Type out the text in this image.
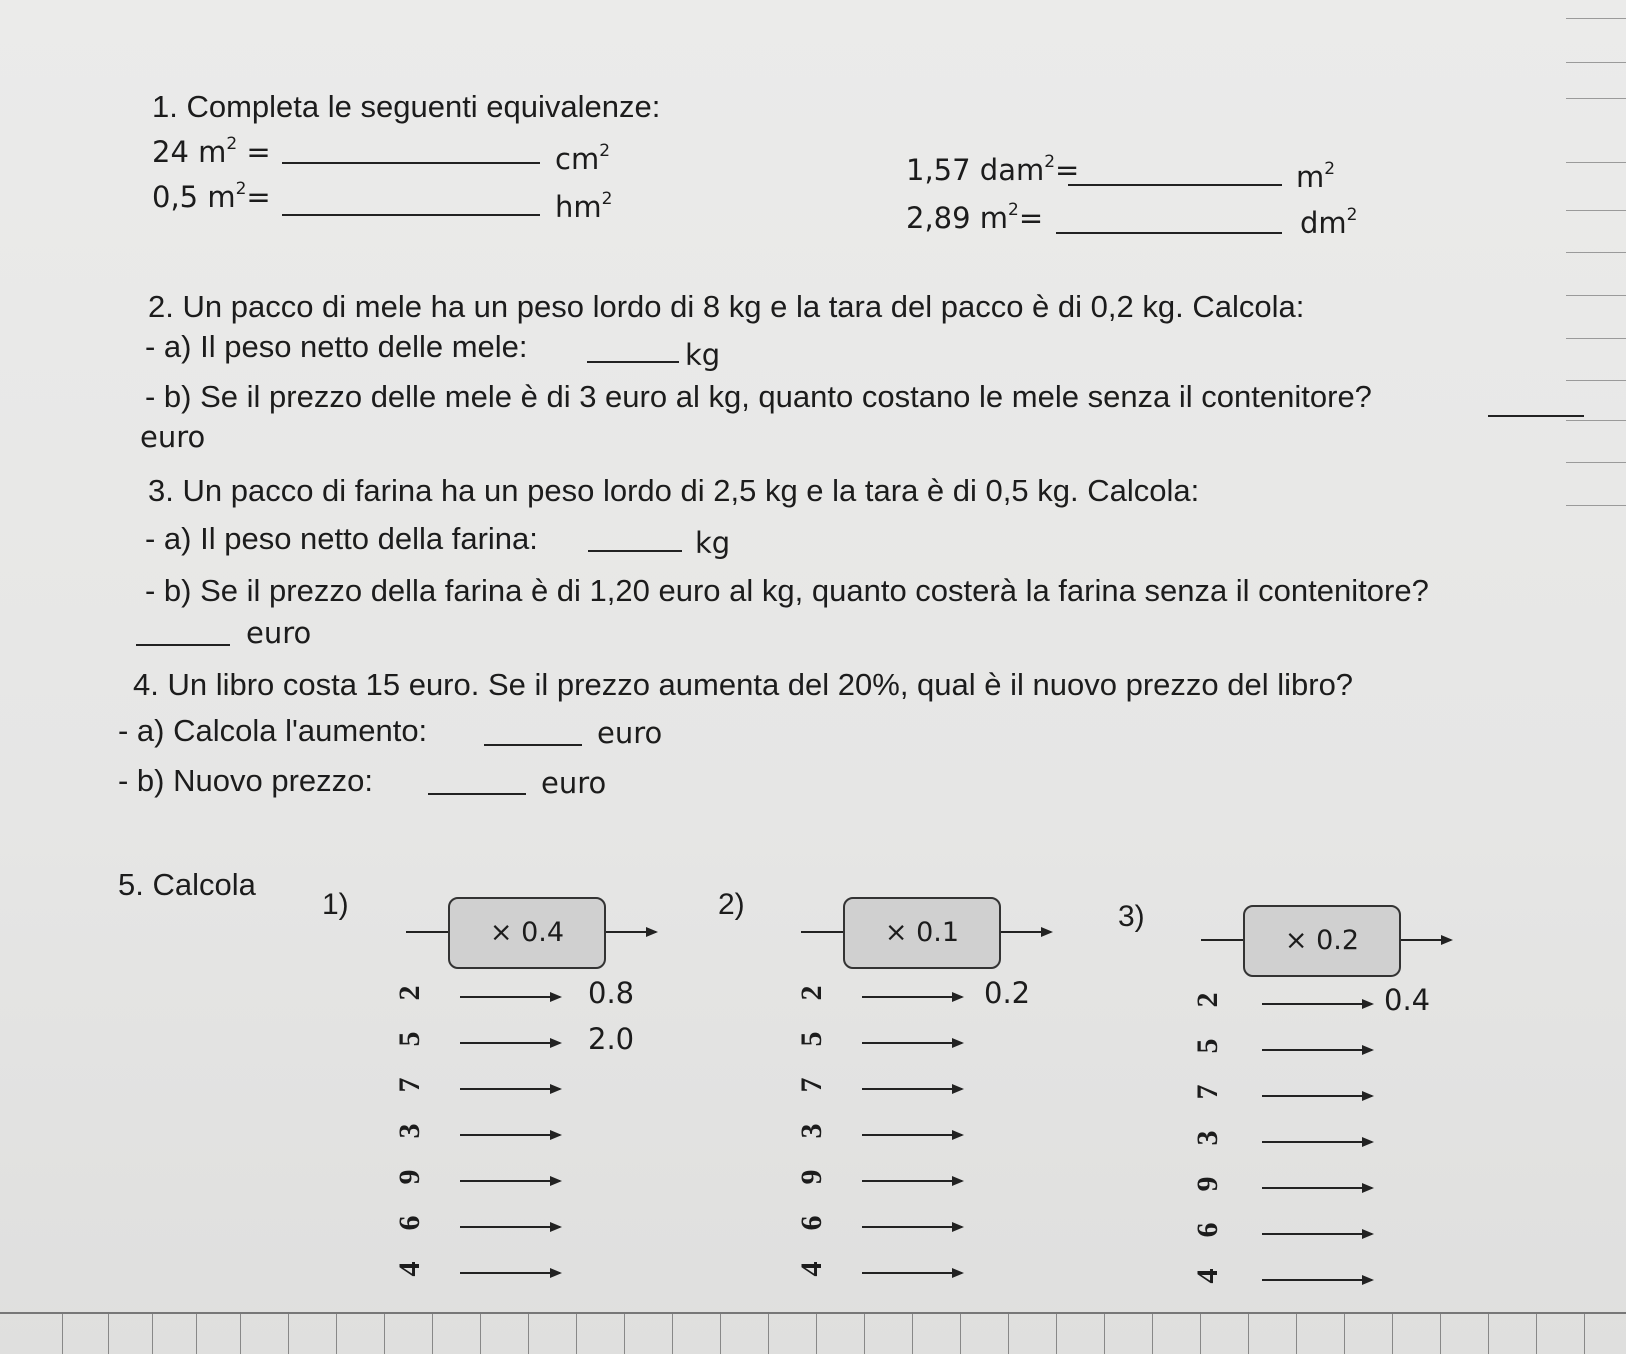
1. Completa le seguenti equivalenze:
24 $m^2$ =	$cm^2$
0,5 $m^2=$	$hm^2$
1,57 dam$^2$=	$m^2$
2,89 $m^2=$	$dm^2$
2. Un pacco di mele ha un peso lordo di 8 kg e la tara del pacco è di 0,2 kg. Calcola:
- a) Il peso netto delle mele:	kg
- b) Se il prezzo delle mele è di 3 euro al kg, quanto costano le mele senza il contenitore?
euro
3. Un pacco di farina ha un peso lordo di 2,5 kg e la tara è di 0,5 kg. Calcola:
- a) Il peso netto della farina:	kg
- b) Se il prezzo della farina è di 1,20 euro al kg, quanto costerà la farina senza il contenitore?
euro
4. Un libro costa 15 euro. Se il prezzo aumenta del 20%, qual è il nuovo prezzo del libro?
- a) Calcola l'aumento:	euro
- b) Nuovo prezzo:	euro
5. Calcola
1)
× 0.4
2	0.8
5	2.0
7
3
9
6
4
2)
× 0.1
2	0.2
5
7
3
9
6
4
3)
× 0.2
2	0.4
5
7
3
9
6
4
